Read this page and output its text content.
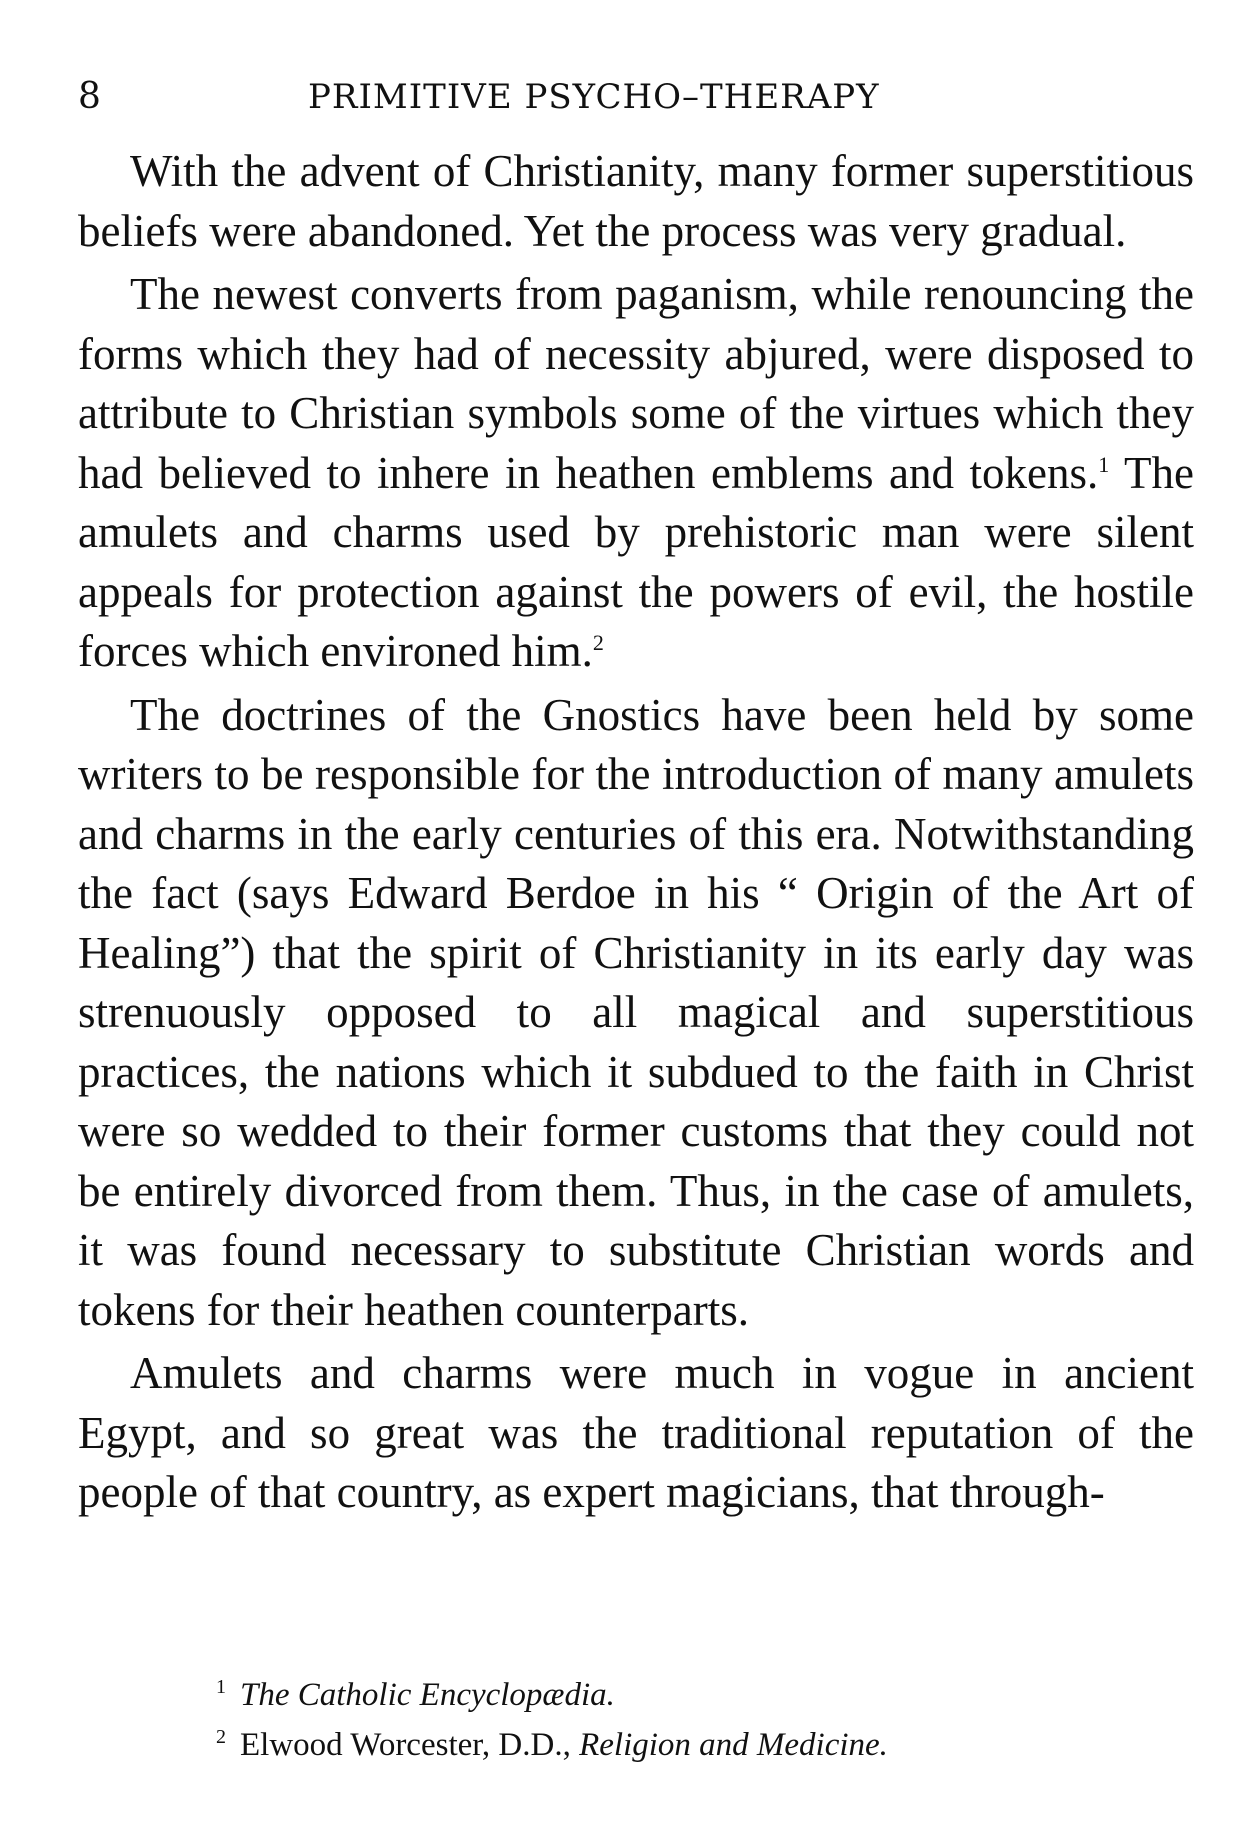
8	PRIMITIVE PSYCHO–THERAPY

With the advent of Christianity, many former superstitious beliefs were abandoned. Yet the process was very gradual.

The newest converts from paganism, while renouncing the forms which they had of necessity abjured, were disposed to attribute to Christian symbols some of the virtues which they had believed to inhere in heathen emblems and tokens.$^1$ The amulets and charms used by prehistoric man were silent appeals for protection against the powers of evil, the hostile forces which environed him.$^2$

The doctrines of the Gnostics have been held by some writers to be responsible for the introduction of many amulets and charms in the early centuries of this era. Notwithstanding the fact (says Edward Berdoe in his “ Origin of the Art of Healing”) that the spirit of Christianity in its early day was strenuously opposed to all magical and superstitious practices, the nations which it subdued to the faith in Christ were so wedded to their former customs that they could not be entirely divorced from them. Thus, in the case of amulets, it was found necessary to substitute Christian words and tokens for their heathen counterparts.

Amulets and charms were much in vogue in ancient Egypt, and so great was the traditional reputation of the people of that country, as expert magicians, that through-

$^1$ The Catholic Encyclopædia.
$^2$ Elwood Worcester, D.D., Religion and Medicine.
